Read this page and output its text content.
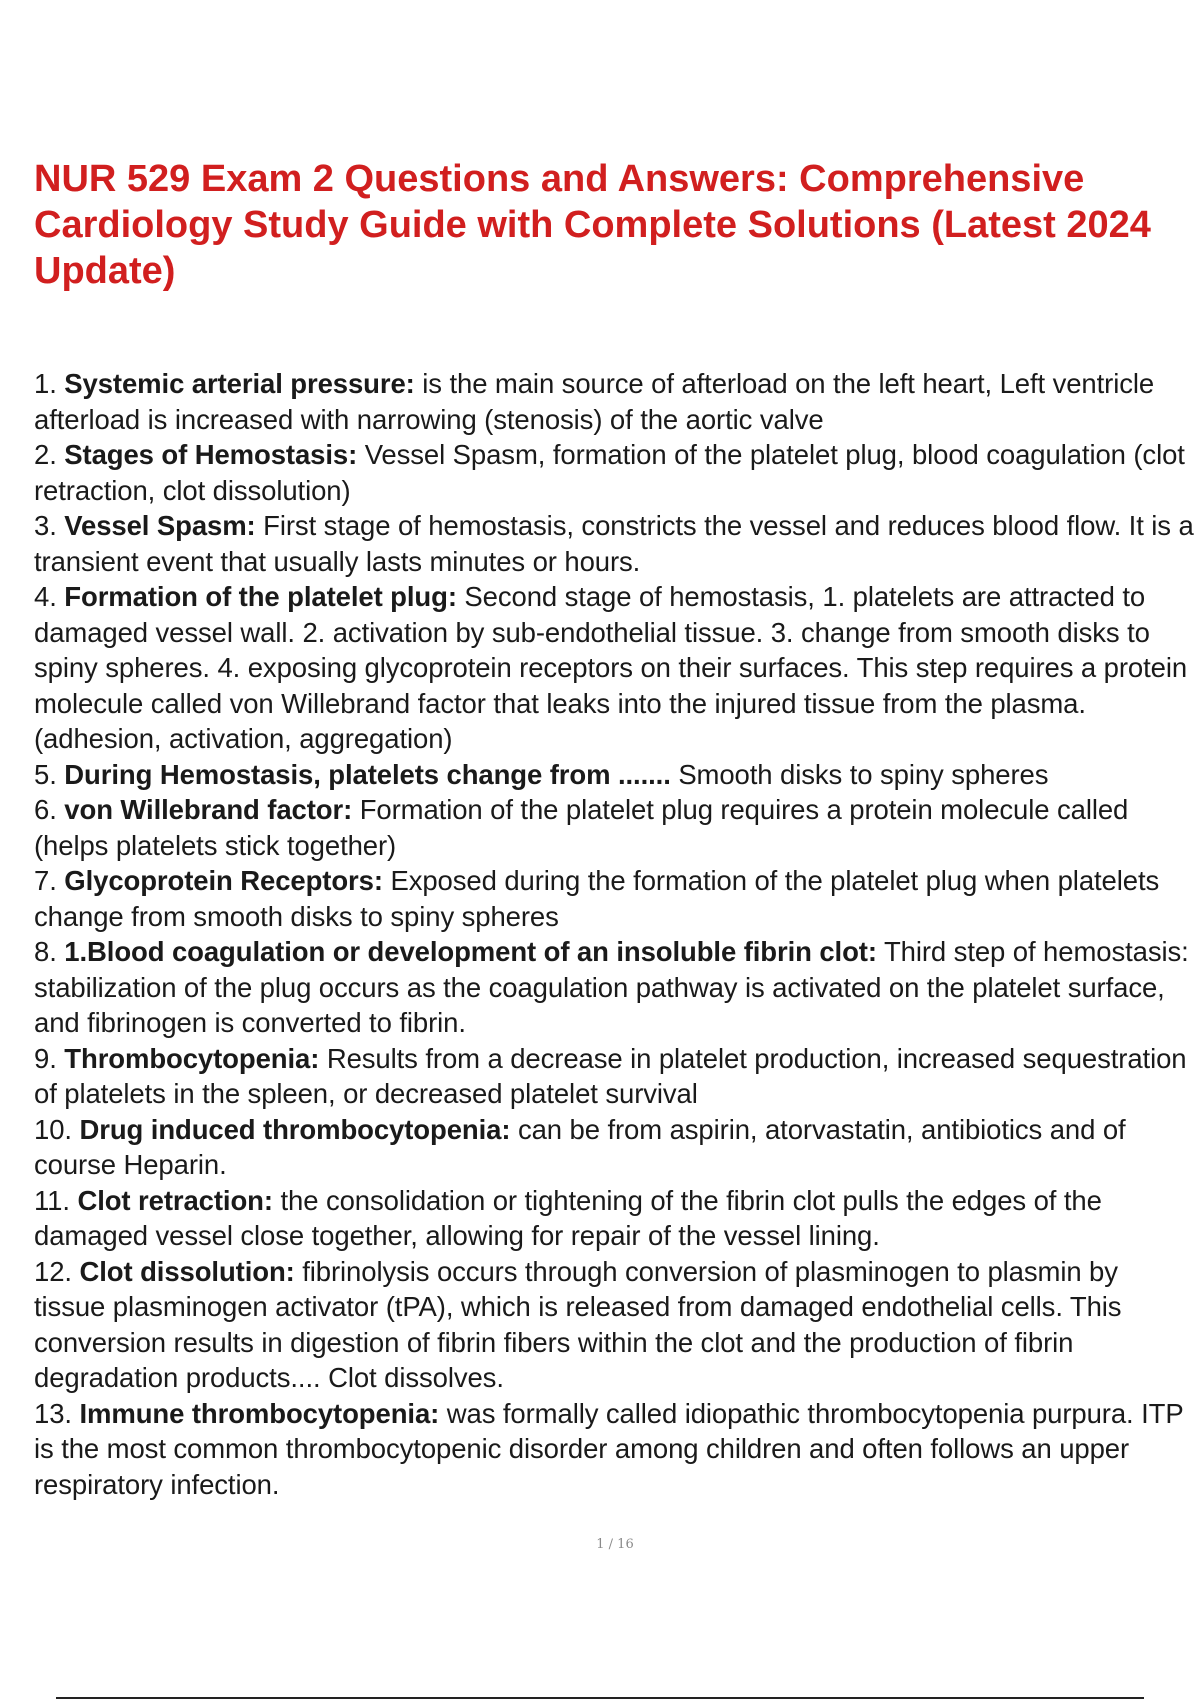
NUR 529 Exam 2 Questions and Answers: Comprehensive Cardiology Study Guide with Complete Solutions (Latest 2024 Update)
1. Systemic arterial pressure: is the main source of afterload on the left heart, Left ventricle afterload is increased with narrowing (stenosis) of the aortic valve
2. Stages of Hemostasis: Vessel Spasm, formation of the platelet plug, blood coagulation (clot retraction, clot dissolution)
3. Vessel Spasm: First stage of hemostasis, constricts the vessel and reduces blood flow. It is a transient event that usually lasts minutes or hours.
4. Formation of the platelet plug: Second stage of hemostasis, 1. platelets are attracted to damaged vessel wall. 2. activation by sub-endothelial tissue. 3. change from smooth disks to spiny spheres. 4. exposing glycoprotein receptors on their surfaces. This step requires a protein molecule called von Willebrand factor that leaks into the injured tissue from the plasma. (adhesion, activation, aggregation)
5. During Hemostasis, platelets change from ....... Smooth disks to spiny spheres
6. von Willebrand factor: Formation of the platelet plug requires a protein molecule called (helps platelets stick together)
7. Glycoprotein Receptors: Exposed during the formation of the platelet plug when platelets change from smooth disks to spiny spheres
8. 1.Blood coagulation or development of an insoluble fibrin clot: Third step of hemostasis: stabilization of the plug occurs as the coagulation pathway is activated on the platelet surface, and fibrinogen is converted to fibrin.
9. Thrombocytopenia: Results from a decrease in platelet production, increased sequestration of platelets in the spleen, or decreased platelet survival
10. Drug induced thrombocytopenia: can be from aspirin, atorvastatin, antibiotics and of course Heparin.
11. Clot retraction: the consolidation or tightening of the fibrin clot pulls the edges of the damaged vessel close together, allowing for repair of the vessel lining.
12. Clot dissolution: fibrinolysis occurs through conversion of plasminogen to plasmin by tissue plasminogen activator (tPA), which is released from damaged endothelial cells. This conversion results in digestion of fibrin fibers within the clot and the production of fibrin degradation products.... Clot dissolves.
13. Immune thrombocytopenia: was formally called idiopathic thrombocytopenia purpura. ITP is the most common thrombocytopenic disorder among children and often follows an upper respiratory infection.
1 / 16
